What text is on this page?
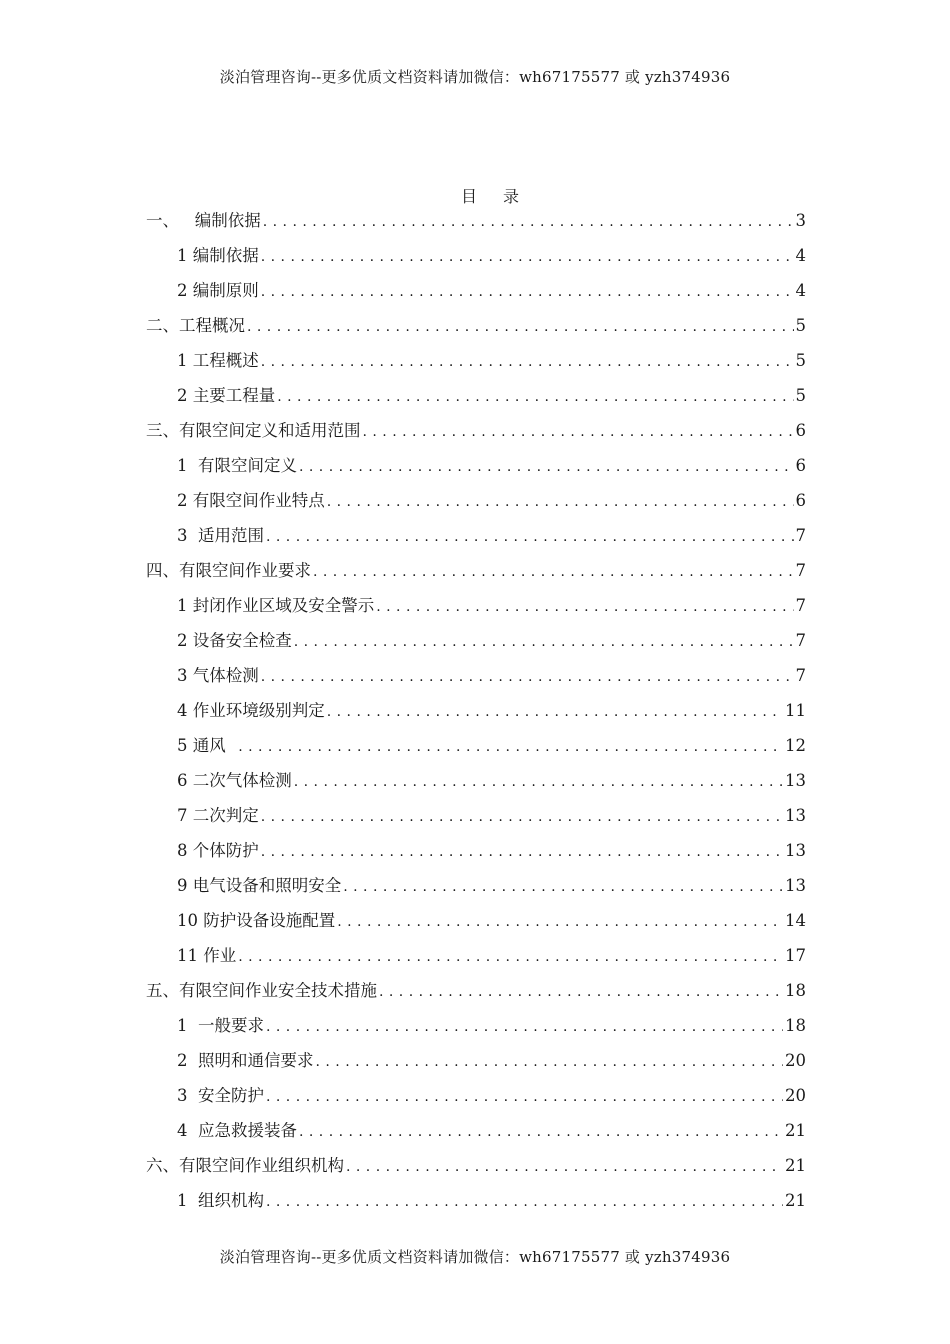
淡泊管理咨询--更多优质文档资料请加微信：wh67175577 或 yzh374936
目 录
一、   编制依据 . . .	3
1 编制依据 . . .	4
2 编制原则 . . .	4
二、工程概况 . . .	5
1 工程概述 . . .	5
2 主要工程量 . . .	5
三、有限空间定义和适用范围 . . .	6
1  有限空间定义 . . .	6
2 有限空间作业特点 . . .	6
3  适用范围 . . .	7
四、有限空间作业要求 . . .	7
1 封闭作业区域及安全警示 . . .	7
2 设备安全检查 . . .	7
3 气体检测 . . .	7
4 作业环境级别判定 . . .	11
5 通风 . . .	12
6 二次气体检测 . . .	13
7 二次判定 . . .	13
8 个体防护 . . .	13
9 电气设备和照明安全 . . .	13
10 防护设备设施配置 . . .	14
11 作业 . . .	17
五、有限空间作业安全技术措施 . . .	18
1  一般要求 . . .	18
2  照明和通信要求 . . .	20
3  安全防护 . . .	20
4  应急救援装备 . . .	21
六、有限空间作业组织机构 . . .	21
1  组织机构 . . .	21
淡泊管理咨询--更多优质文档资料请加微信：wh67175577 或 yzh374936
